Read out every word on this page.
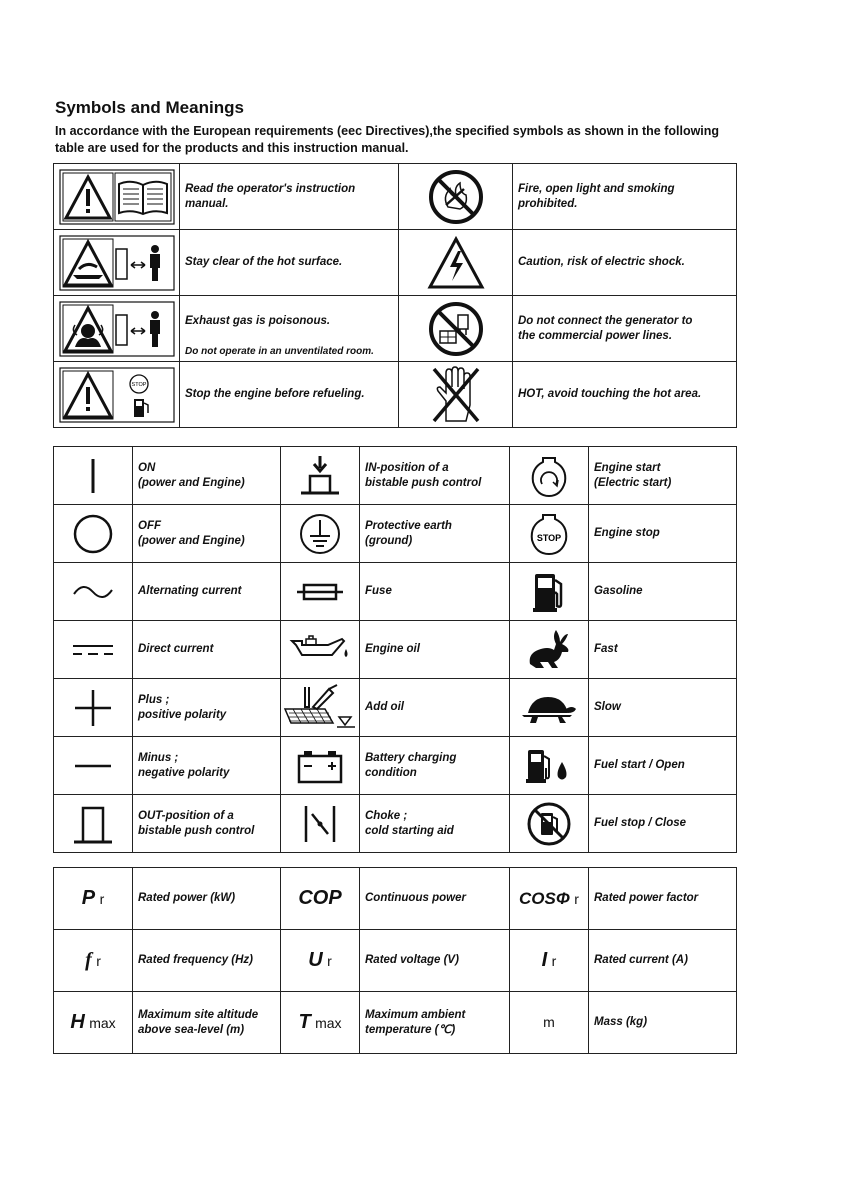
Symbols and Meanings

In accordance with the European requirements (eec Directives),the specified symbols as shown in the following table are used for the products and this instruction manual.

	Read the operator's instruction manual.		Fire, open light and smoking
prohibited.

	Stay clear of the hot surface.		Caution, risk of electric shock.

Exhaust gas is poisonous.

Do not operate in an unventilated room.		Do not connect the generator to
the commercial power lines.

STOP	Stop the engine before refueling.		HOT, avoid touching the hot area.
	ON
(power and Engine)		IN-position of a
bistable push control		Engine start
(Electric start)

	OFF
(power and Engine)		Protective earth
(ground)	STOP	Engine stop

	Alternating current		Fuse		Gasoline

	Direct current		Engine oil		Fast

	Plus ;
positive polarity		Add oil		Slow

	Minus ;
negative polarity		Battery charging
condition		Fuel start / Open

	OUT-position of a
bistable push control		Choke ;
cold starting aid		Fuel stop / Close
P r	Rated power (kW)	COP	Continuous power	COSΦ r	Rated power factor
f r	Rated frequency (Hz)	U r	Rated voltage (V)	I r	Rated current (A)
H max	Maximum site altitude
above sea-level (m)	T max	Maximum ambient
temperature (℃)	m	Mass (kg)
